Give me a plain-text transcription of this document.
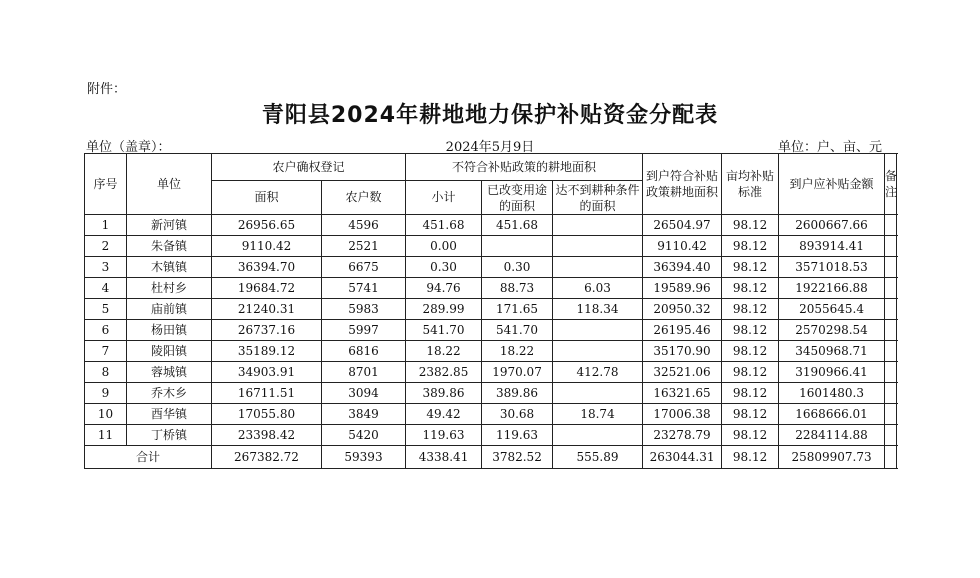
附件：
青阳县2024年耕地地力保护补贴资金分配表
单位（盖章）：	2024年5月9日	单位：户、亩、元
序号	单位	农户确权登记		不符合补贴政策的耕地面积			到户符合补贴政策耕地面积	亩均补贴标准	到户应补贴金额	备注
		面积	农户数	小计	已改变用途的面积	达不到耕种条件的面积				
1	新河镇	26956.65	4596	451.68	451.68		26504.97	98.12	2600667.66	
2	朱备镇	9110.42	2521	0.00			9110.42	98.12	893914.41	
3	木镇镇	36394.70	6675	0.30	0.30		36394.40	98.12	3571018.53	
4	杜村乡	19684.72	5741	94.76	88.73	6.03	19589.96	98.12	1922166.88	
5	庙前镇	21240.31	5983	289.99	171.65	118.34	20950.32	98.12	2055645.4	
6	杨田镇	26737.16	5997	541.70	541.70		26195.46	98.12	2570298.54	
7	陵阳镇	35189.12	6816	18.22	18.22		35170.90	98.12	3450968.71	
8	蓉城镇	34903.91	8701	2382.85	1970.07	412.78	32521.06	98.12	3190966.41	
9	乔木乡	16711.51	3094	389.86	389.86		16321.65	98.12	1601480.3	
10	酉华镇	17055.80	3849	49.42	30.68	18.74	17006.38	98.12	1668666.01	
11	丁桥镇	23398.42	5420	119.63	119.63		23278.79	98.12	2284114.88	
合计		267382.72	59393	4338.41	3782.52	555.89	263044.31	98.12	25809907.73	
